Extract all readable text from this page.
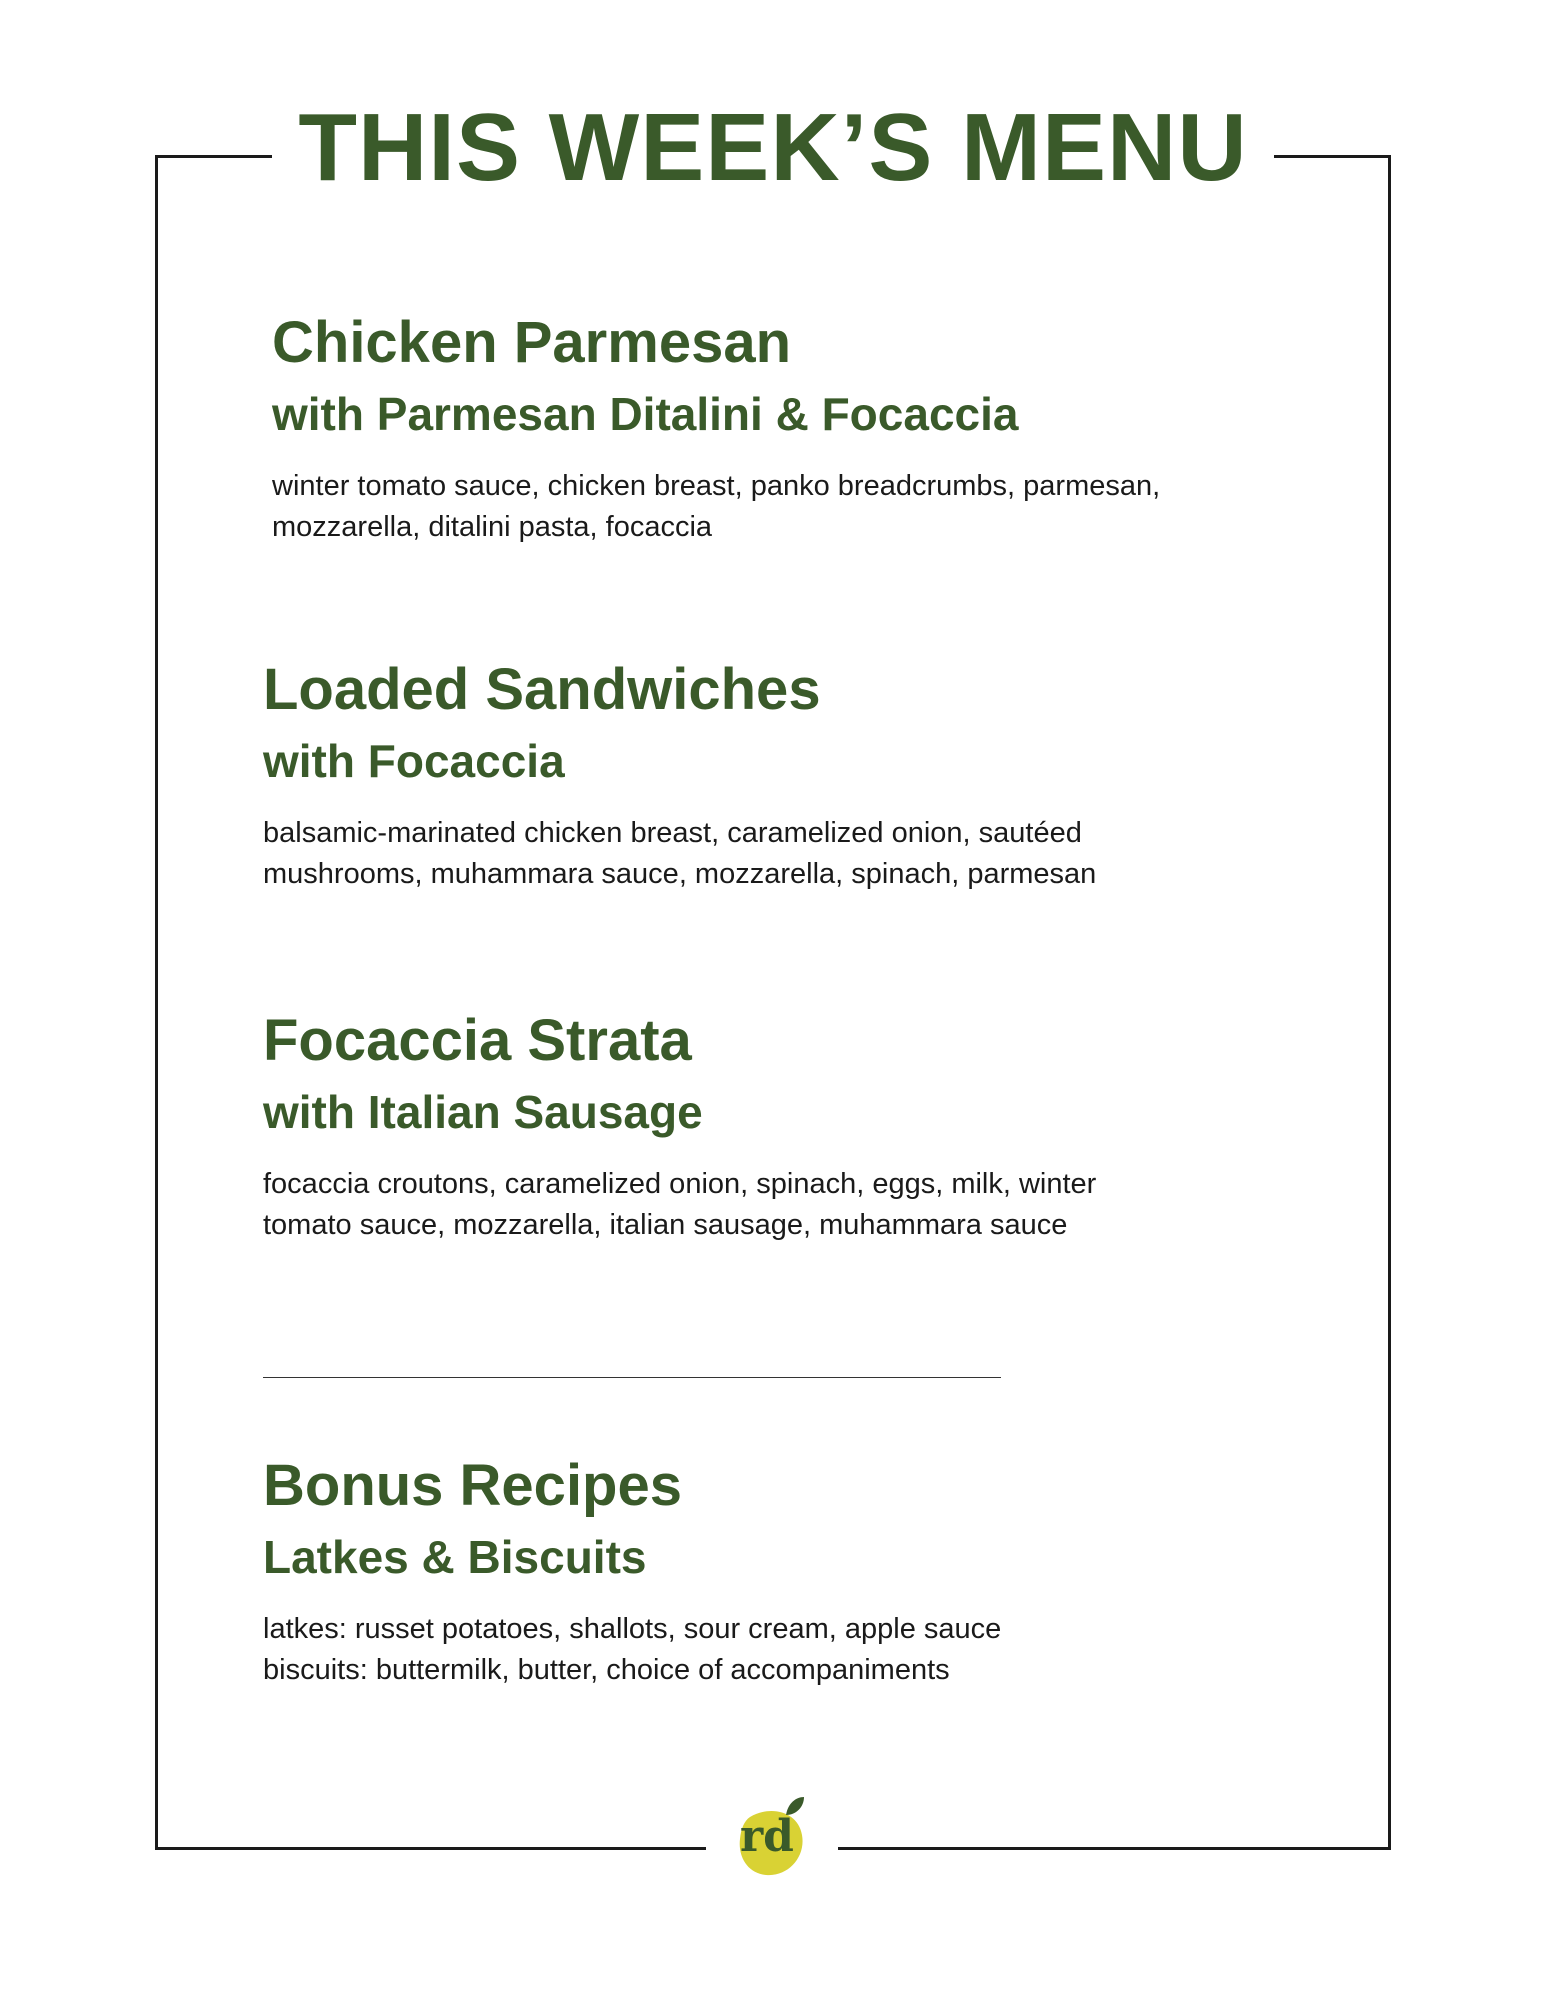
THIS WEEK’S MENU
Chicken Parmesan
with Parmesan Ditalini & Focaccia
winter tomato sauce, chicken breast, panko breadcrumbs, parmesan,
mozzarella, ditalini pasta, focaccia
Loaded Sandwiches
with Focaccia
balsamic-marinated chicken breast, caramelized onion, sautéed
mushrooms, muhammara sauce, mozzarella, spinach, parmesan
Focaccia Strata
with Italian Sausage
focaccia croutons, caramelized onion, spinach, eggs, milk, winter
tomato sauce, mozzarella, italian sausage, muhammara sauce
Bonus Recipes
Latkes & Biscuits
latkes: russet potatoes, shallots, sour cream, apple sauce
biscuits: buttermilk, butter, choice of accompaniments
rd
